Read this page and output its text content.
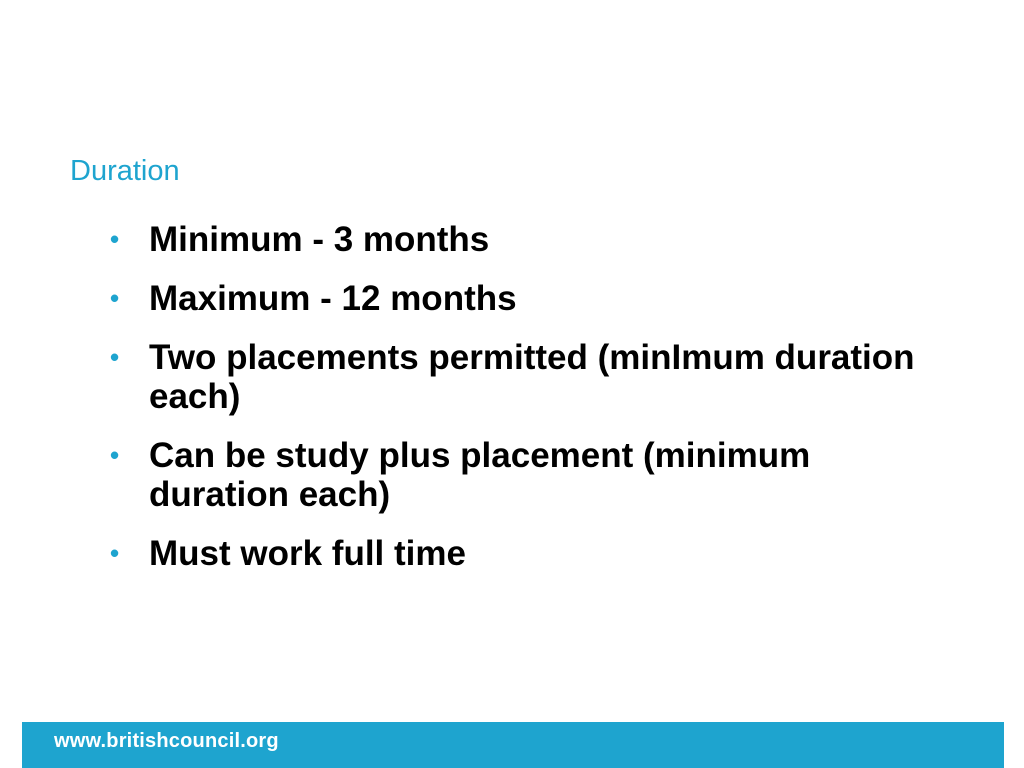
Duration
• Minimum - 3 months
• Maximum - 12 months
• Two placements permitted (minImum duration each)
• Can be study plus placement (minimum duration each)
• Must work full time
www.britishcouncil.org
